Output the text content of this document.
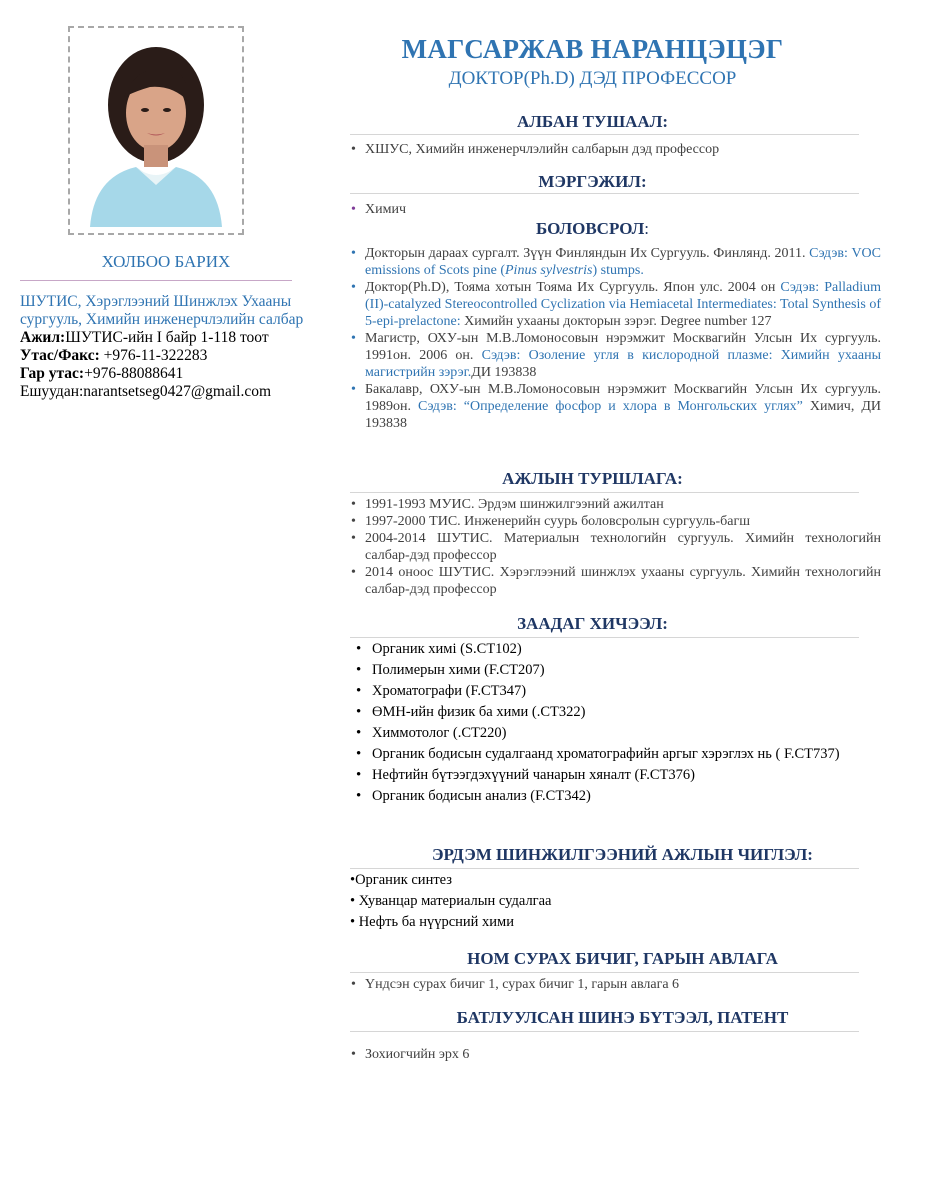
ХОЛБОО БАРИХ
ШУТИС, Хэрэглээний Шинжлэх Ухааны сургууль, Химийн инженерчлэлийн салбар
Ажил:ШУТИС-ийн I байр 1-118 тоот
Утас/Факс: +976-11-322283
Гар утас:+976-88088641
Ешуудан:narantsetseg0427@gmail.com
МАГСАРЖАВ НАРАНЦЭЦЭГ
ДОКТОР(Ph.D) ДЭД ПРОФЕССОР
АЛБАН ТУШААЛ:
• ХШУС, Химийн инженерчлэлийн салбарын дэд профессор
МЭРГЭЖИЛ:
• Химич
БОЛОВСРОЛ:
• Докторын дараах сургалт. Зүүн Финляндын Их Сургууль. Финлянд. 2011. Сэдэв: VOC emissions of Scots pine (Pinus sylvestris) stumps.
• Доктор(Ph.D), Тояма хотын Тояма Их Сургууль. Япон улс. 2004 он Сэдэв: Palladium (II)-catalyzed Stereocontrolled Cyclization via Hemiacetal Intermediates: Total Synthesis of 5-epi-prelactone: Химийн ухааны докторын зэрэг. Degree number 127
• Магистр, ОХУ-ын М.В.Ломоносовын нэрэмжит Москвагийн Улсын Их сургууль. 1991он. 2006 он. Сэдэв: Озоление угля в кислородной плазме: Химийн ухааны магистрийн зэрэг.ДИ 193838
• Бакалавр, ОХУ-ын М.В.Ломоносовын нэрэмжит Москвагийн Улсын Их сургууль. 1989он. Сэдэв: “Определение фосфор и хлора в Монгольских углях” Химич, ДИ 193838
АЖЛЫН ТУРШЛАГА:
• 1991-1993 МУИС. Эрдэм шинжилгээний ажилтан
• 1997-2000 ТИС. Инженерийн суурь боловсролын сургууль-багш
• 2004-2014 ШУТИС. Материалын технологийн сургууль. Химийн технологийн салбар-дэд профессор
• 2014 оноос ШУТИС. Хэрэглээний шинжлэх ухааны сургууль. Химийн технологийн салбар-дэд профессор
ЗААДАГ ХИЧЭЭЛ:
• Органик химi (S.CT102)
• Полимерын хими (F.CT207)
• Хроматографи (F.CT347)
• ӨМН-ийн физик ба хими (.CT322)
• Химмотолог (.CT220)
• Органик бодисын судалгаанд хроматографийн аргыг хэрэглэх нь ( F.CT737)
• Нефтийн бүтээгдэхүүний чанарын хяналт (F.CT376)
• Органик бодисын анализ (F.CT342)
ЭРДЭМ ШИНЖИЛГЭЭНИЙ АЖЛЫН ЧИГЛЭЛ:
• Органик синтез
• Хуванцар материалын судалгаа
• Нефть ба нүүрсний хими
НОМ СУРАХ БИЧИГ, ГАРЫН АВЛАГА
• Үндсэн сурах бичиг 1, сурах бичиг 1, гарын авлага 6
БАТЛУУЛСАН ШИНЭ БҮТЭЭЛ, ПАТЕНТ
• Зохиогчийн эрх 6
